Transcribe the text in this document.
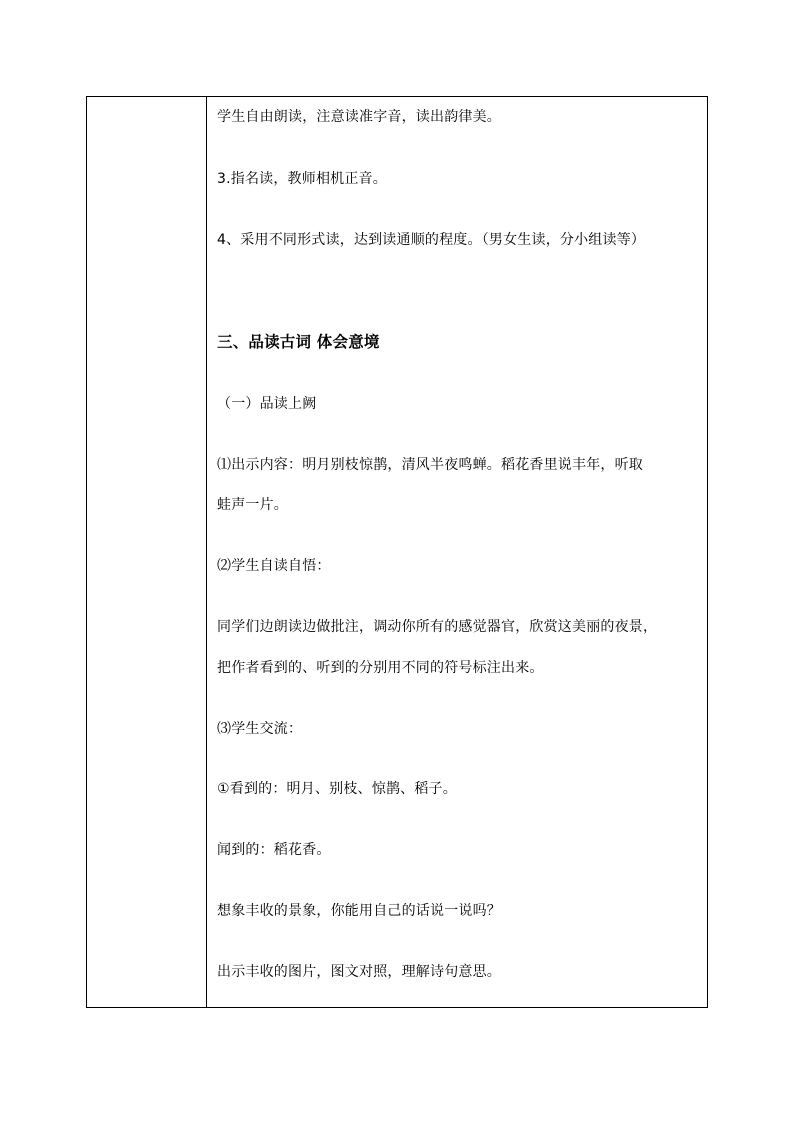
学生自由朗读，注意读准字音，读出韵律美。
3.指名读，教师相机正音。
4、采用不同形式读，达到读通顺的程度。（男女生读，分小组读等）
三、品读古词 体会意境
（一）品读上阙
⑴出示内容：明月别枝惊鹊，清风半夜鸣蝉。稻花香里说丰年，听取
蛙声一片。
⑵学生自读自悟：
同学们边朗读边做批注，调动你所有的感觉器官，欣赏这美丽的夜景，
把作者看到的、听到的分别用不同的符号标注出来。
⑶学生交流：
①看到的：明月、别枝、惊鹊、稻子。
闻到的：稻花香。
想象丰收的景象，你能用自己的话说一说吗？
出示丰收的图片，图文对照，理解诗句意思。
